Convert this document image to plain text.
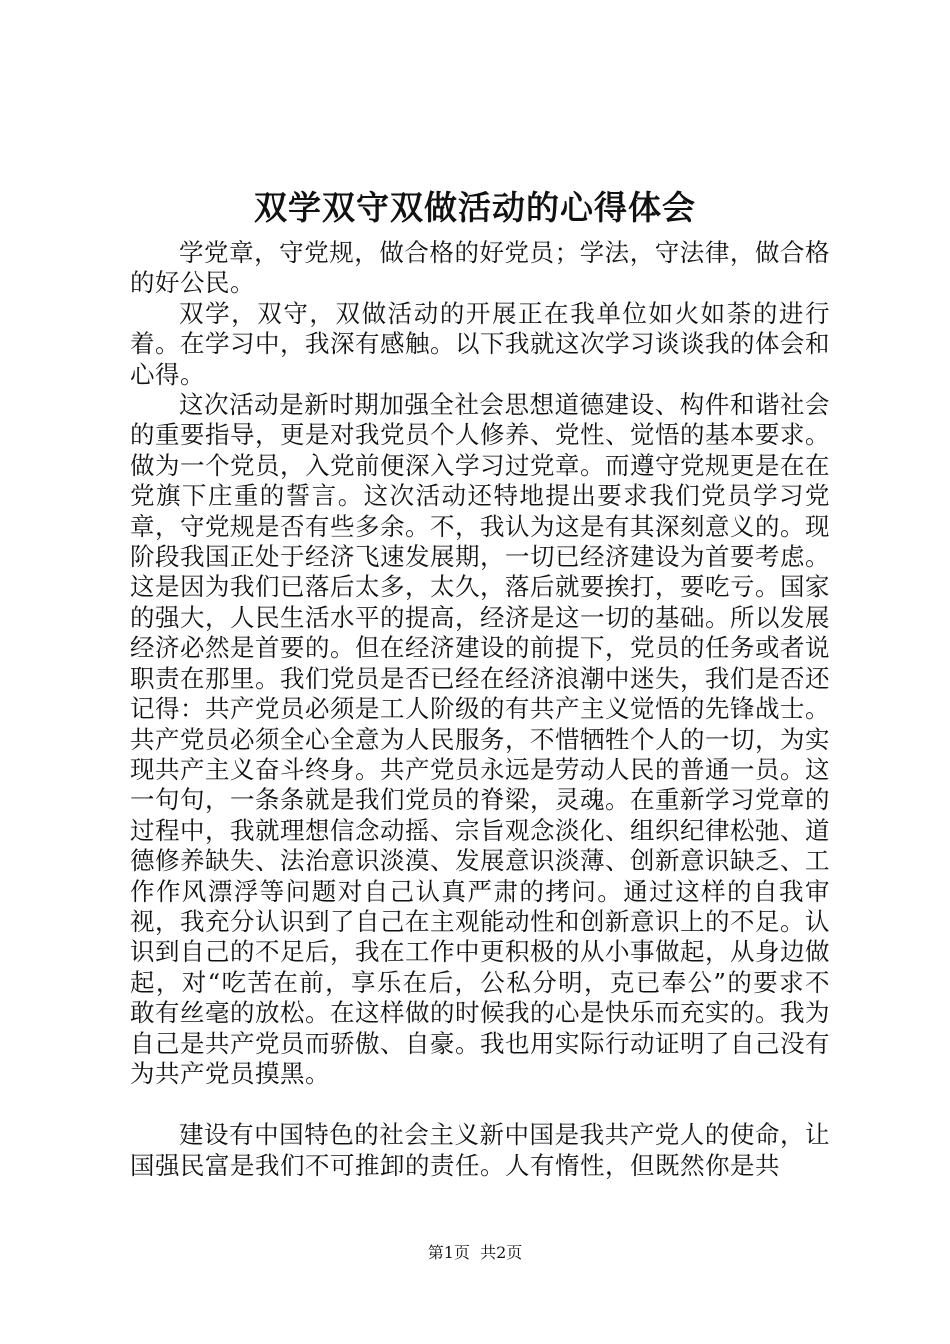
双学双守双做活动的心得体会

学党章，守党规，做合格的好党员；学法，守法律，做合格的好公民。

双学，双守，双做活动的开展正在我单位如火如荼的进行着。在学习中，我深有感触。以下我就这次学习谈谈我的体会和心得。

这次活动是新时期加强全社会思想道德建设、构件和谐社会的重要指导，更是对我党员个人修养、党性、觉悟的基本要求。做为一个党员，入党前便深入学习过党章。而遵守党规更是在在党旗下庄重的誓言。这次活动还特地提出要求我们党员学习党章，守党规是否有些多余。不，我认为这是有其深刻意义的。现阶段我国正处于经济飞速发展期，一切已经济建设为首要考虑。这是因为我们已落后太多，太久，落后就要挨打，要吃亏。国家的强大，人民生活水平的提高，经济是这一切的基础。所以发展经济必然是首要的。但在经济建设的前提下，党员的任务或者说职责在那里。我们党员是否已经在经济浪潮中迷失，我们是否还记得：共产党员必须是工人阶级的有共产主义觉悟的先锋战士。共产党员必须全心全意为人民服务，不惜牺牲个人的一切，为实现共产主义奋斗终身。共产党员永远是劳动人民的普通一员。这一句句，一条条就是我们党员的脊梁，灵魂。在重新学习党章的过程中，我就理想信念动摇、宗旨观念淡化、组织纪律松弛、道德修养缺失、法治意识淡漠、发展意识淡薄、创新意识缺乏、工作作风漂浮等问题对自己认真严肃的拷问。通过这样的自我审视，我充分认识到了自己在主观能动性和创新意识上的不足。认识到自己的不足后，我在工作中更积极的从小事做起，从身边做起，对“吃苦在前，享乐在后，公私分明，克已奉公”的要求不敢有丝毫的放松。在这样做的时候我的心是快乐而充实的。我为自己是共产党员而骄傲、自豪。我也用实际行动证明了自己没有为共产党员摸黑。

建设有中国特色的社会主义新中国是我共产党人的使命，让国强民富是我们不可推卸的责任。人有惰性，但既然你是共

第1页  共2页
